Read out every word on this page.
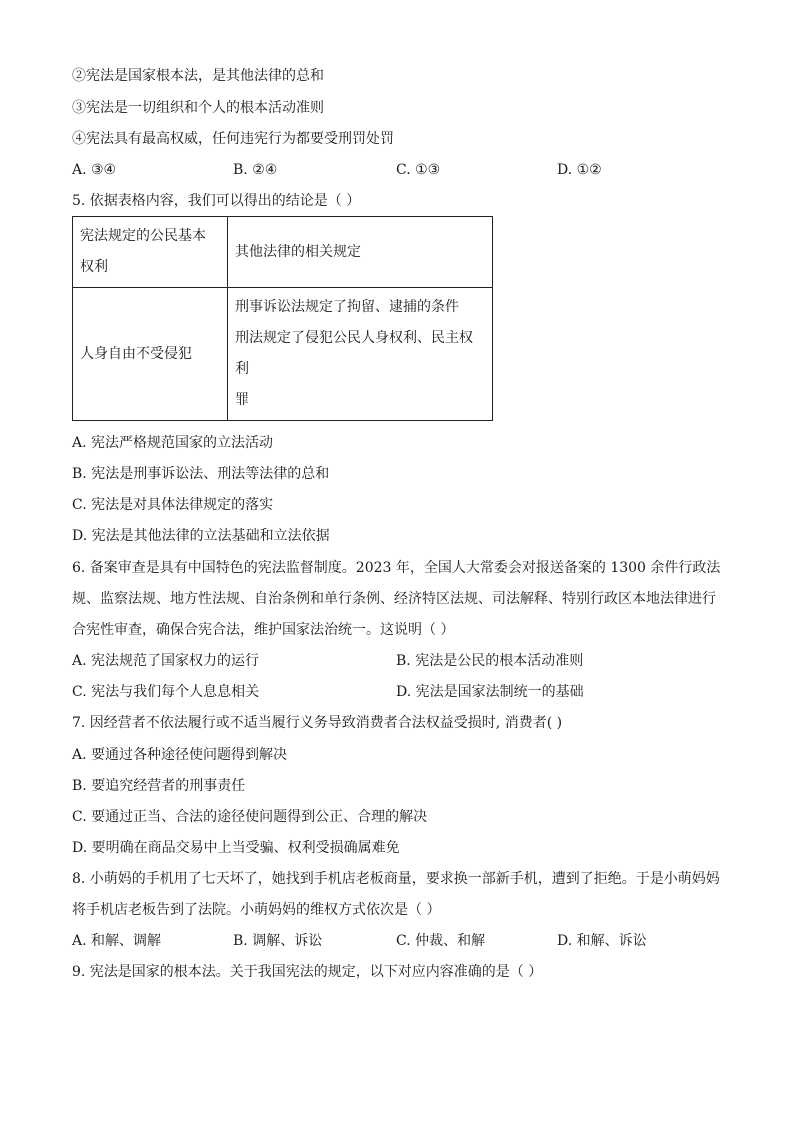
②宪法是国家根本法，是其他法律的总和

③宪法是一切组织和个人的根本活动准则

④宪法具有最高权威，任何违宪行为都要受刑罚处罚

A. ③④	B. ②④	C. ①③	D. ①②

5. 依据表格内容，我们可以得出的结论是（ ）

宪法规定的公民基本
权利	其他法律的相关规定
人身自由不受侵犯	刑事诉讼法规定了拘留、逮捕的条件
刑法规定了侵犯公民人身权利、民主权利
罪

A. 宪法严格规范国家的立法活动

B. 宪法是刑事诉讼法、刑法等法律的总和

C. 宪法是对具体法律规定的落实

D. 宪法是其他法律的立法基础和立法依据

6. 备案审查是具有中国特色的宪法监督制度。2023 年，全国人大常委会对报送备案的 1300 余件行政法

规、监察法规、地方性法规、自治条例和单行条例、经济特区法规、司法解释、特别行政区本地法律进行

合宪性审查，确保合宪合法，维护国家法治统一。这说明（ ）

A. 宪法规范了国家权力的运行	B. 宪法是公民的根本活动准则

C. 宪法与我们每个人息息相关	D. 宪法是国家法制统一的基础

7. 因经营者不依法履行或不适当履行义务导致消费者合法权益受损时, 消费者( )

A. 要通过各种途径使问题得到解决

B. 要追究经营者的刑事责任

C. 要通过正当、合法的途径使问题得到公正、合理的解决

D. 要明确在商品交易中上当受骗、权利受损确属难免

8. 小萌妈的手机用了七天坏了，她找到手机店老板商量，要求换一部新手机，遭到了拒绝。于是小萌妈妈

将手机店老板告到了法院。小萌妈妈的维权方式依次是（ ）

A. 和解、调解	B. 调解、诉讼	C. 仲裁、和解	D. 和解、诉讼

9. 宪法是国家的根本法。关于我国宪法的规定，以下对应内容准确的是（ ）
